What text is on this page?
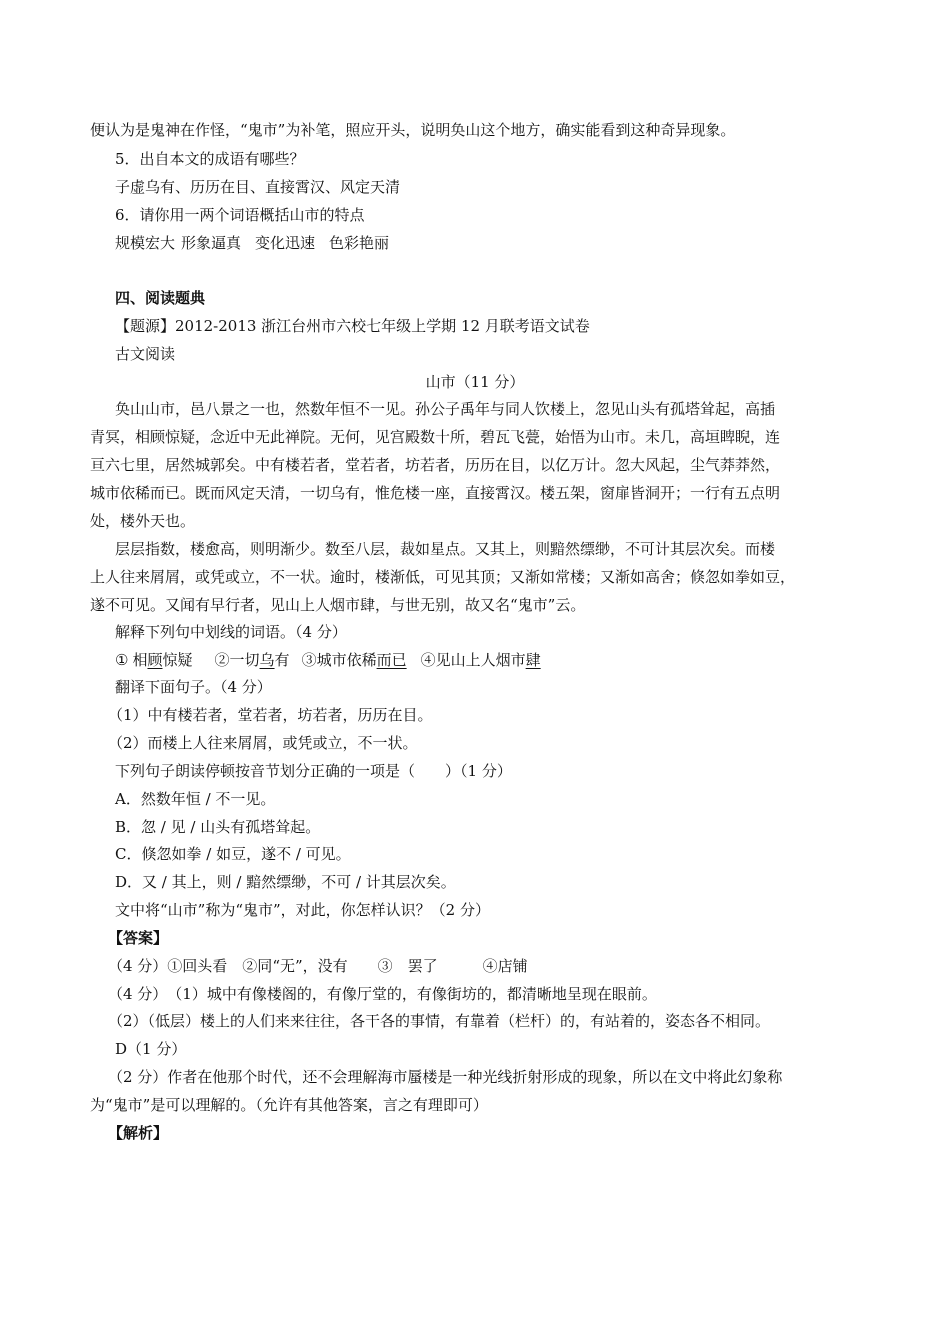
便认为是鬼神在作怪，“鬼市”为补笔，照应开头，说明奂山这个地方，确实能看到这种奇异现象。
5．出自本文的成语有哪些？
子虚乌有、历历在目、直接霄汉、风定天清
6．请你用一两个词语概括山市的特点
规模宏大 形象逼真 变化迅速 色彩艳丽
四、阅读题典
【题源】2012-2013 浙江台州市六校七年级上学期 12 月联考语文试卷
古文阅读
山市（11 分）
奂山山市，邑八景之一也，然数年恒不一见。孙公子禹年与同人饮楼上，忽见山头有孤塔耸起，高插
青冥，相顾惊疑，念近中无此禅院。无何，见宫殿数十所，碧瓦飞甍，始悟为山市。未几，高垣睥睨，连
亘六七里，居然城郭矣。中有楼若者，堂若者，坊若者，历历在目，以亿万计。忽大风起，尘气莽莽然，
城市依稀而已。既而风定天清，一切乌有，惟危楼一座，直接霄汉。楼五架，窗扉皆洞开；一行有五点明
处，楼外天也。
层层指数，楼愈高，则明渐少。数至八层，裁如星点。又其上，则黯然缥缈，不可计其层次矣。而楼
上人往来屑屑，或凭或立，不一状。逾时，楼渐低，可见其顶；又渐如常楼；又渐如高舍；倏忽如拳如豆，
遂不可见。又闻有早行者，见山上人烟市肆，与世无别，故又名“鬼市”云。
解释下列句中划线的词语。（4 分）
① 相顾惊疑 ②一切乌有 ③城市依稀而已 ④见山上人烟市肆
翻译下面句子。（4 分）
（1）中有楼若者，堂若者，坊若者，历历在目。
（2）而楼上人往来屑屑，或凭或立，不一状。
下列句子朗读停顿按音节划分正确的一项是（　　）（1 分）
A．然数年恒 / 不一见。
B．忽 / 见 / 山头有孤塔耸起。
C．倏忽如拳 / 如豆，遂不 / 可见。
D．又 / 其上，则 / 黯然缥缈，不可 / 计其层次矣。
文中将“山市”称为“鬼市”，对此，你怎样认识？（2 分）
【答案】
（4 分）①回头看　②同“无”，没有　　③　罢了　　　④店铺
（4 分）　（1）城中有像楼阁的，有像厅堂的，有像街坊的，都清晰地呈现在眼前。
（2）（低层）楼上的人们来来往往，各干各的事情，有靠着（栏杆）的，有站着的，姿态各不相同。
D（1 分）
（2 分）作者在他那个时代，还不会理解海市蜃楼是一种光线折射形成的现象，所以在文中将此幻象称
为“鬼市”是可以理解的。（允许有其他答案，言之有理即可）
【解析】
